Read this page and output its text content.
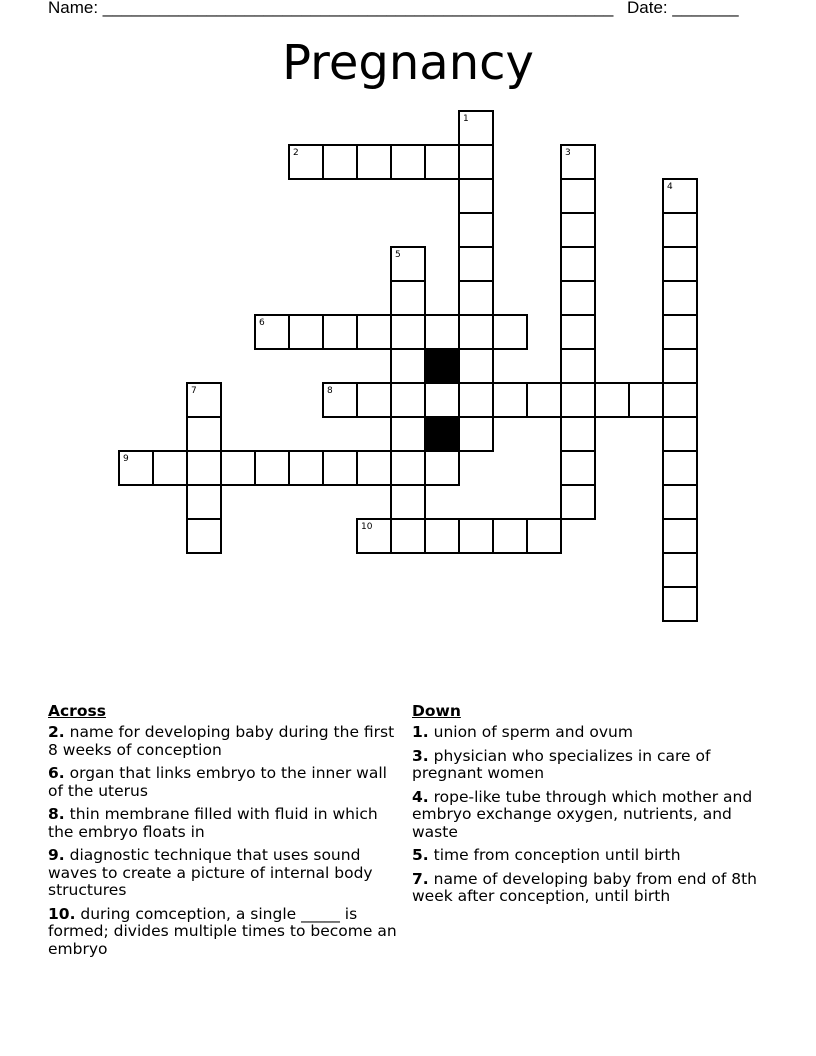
Name: ______________________________________________________ Date: _______
Pregnancy
1
2	3
4
5
6
7	8
9
10
Across
2. name for developing baby during the first 8 weeks of conception
6. organ that links embryo to the inner wall of the uterus
8. thin membrane filled with fluid in which the embryo floats in
9. diagnostic technique that uses sound waves to create a picture of internal body structures
10. during comception, a single _____ is formed; divides multiple times to become an embryo
Down
1. union of sperm and ovum
3. physician who specializes in care of pregnant women
4. rope-like tube through which mother and embryo exchange oxygen, nutrients, and waste
5. time from conception until birth
7. name of developing baby from end of 8th week after conception, until birth
